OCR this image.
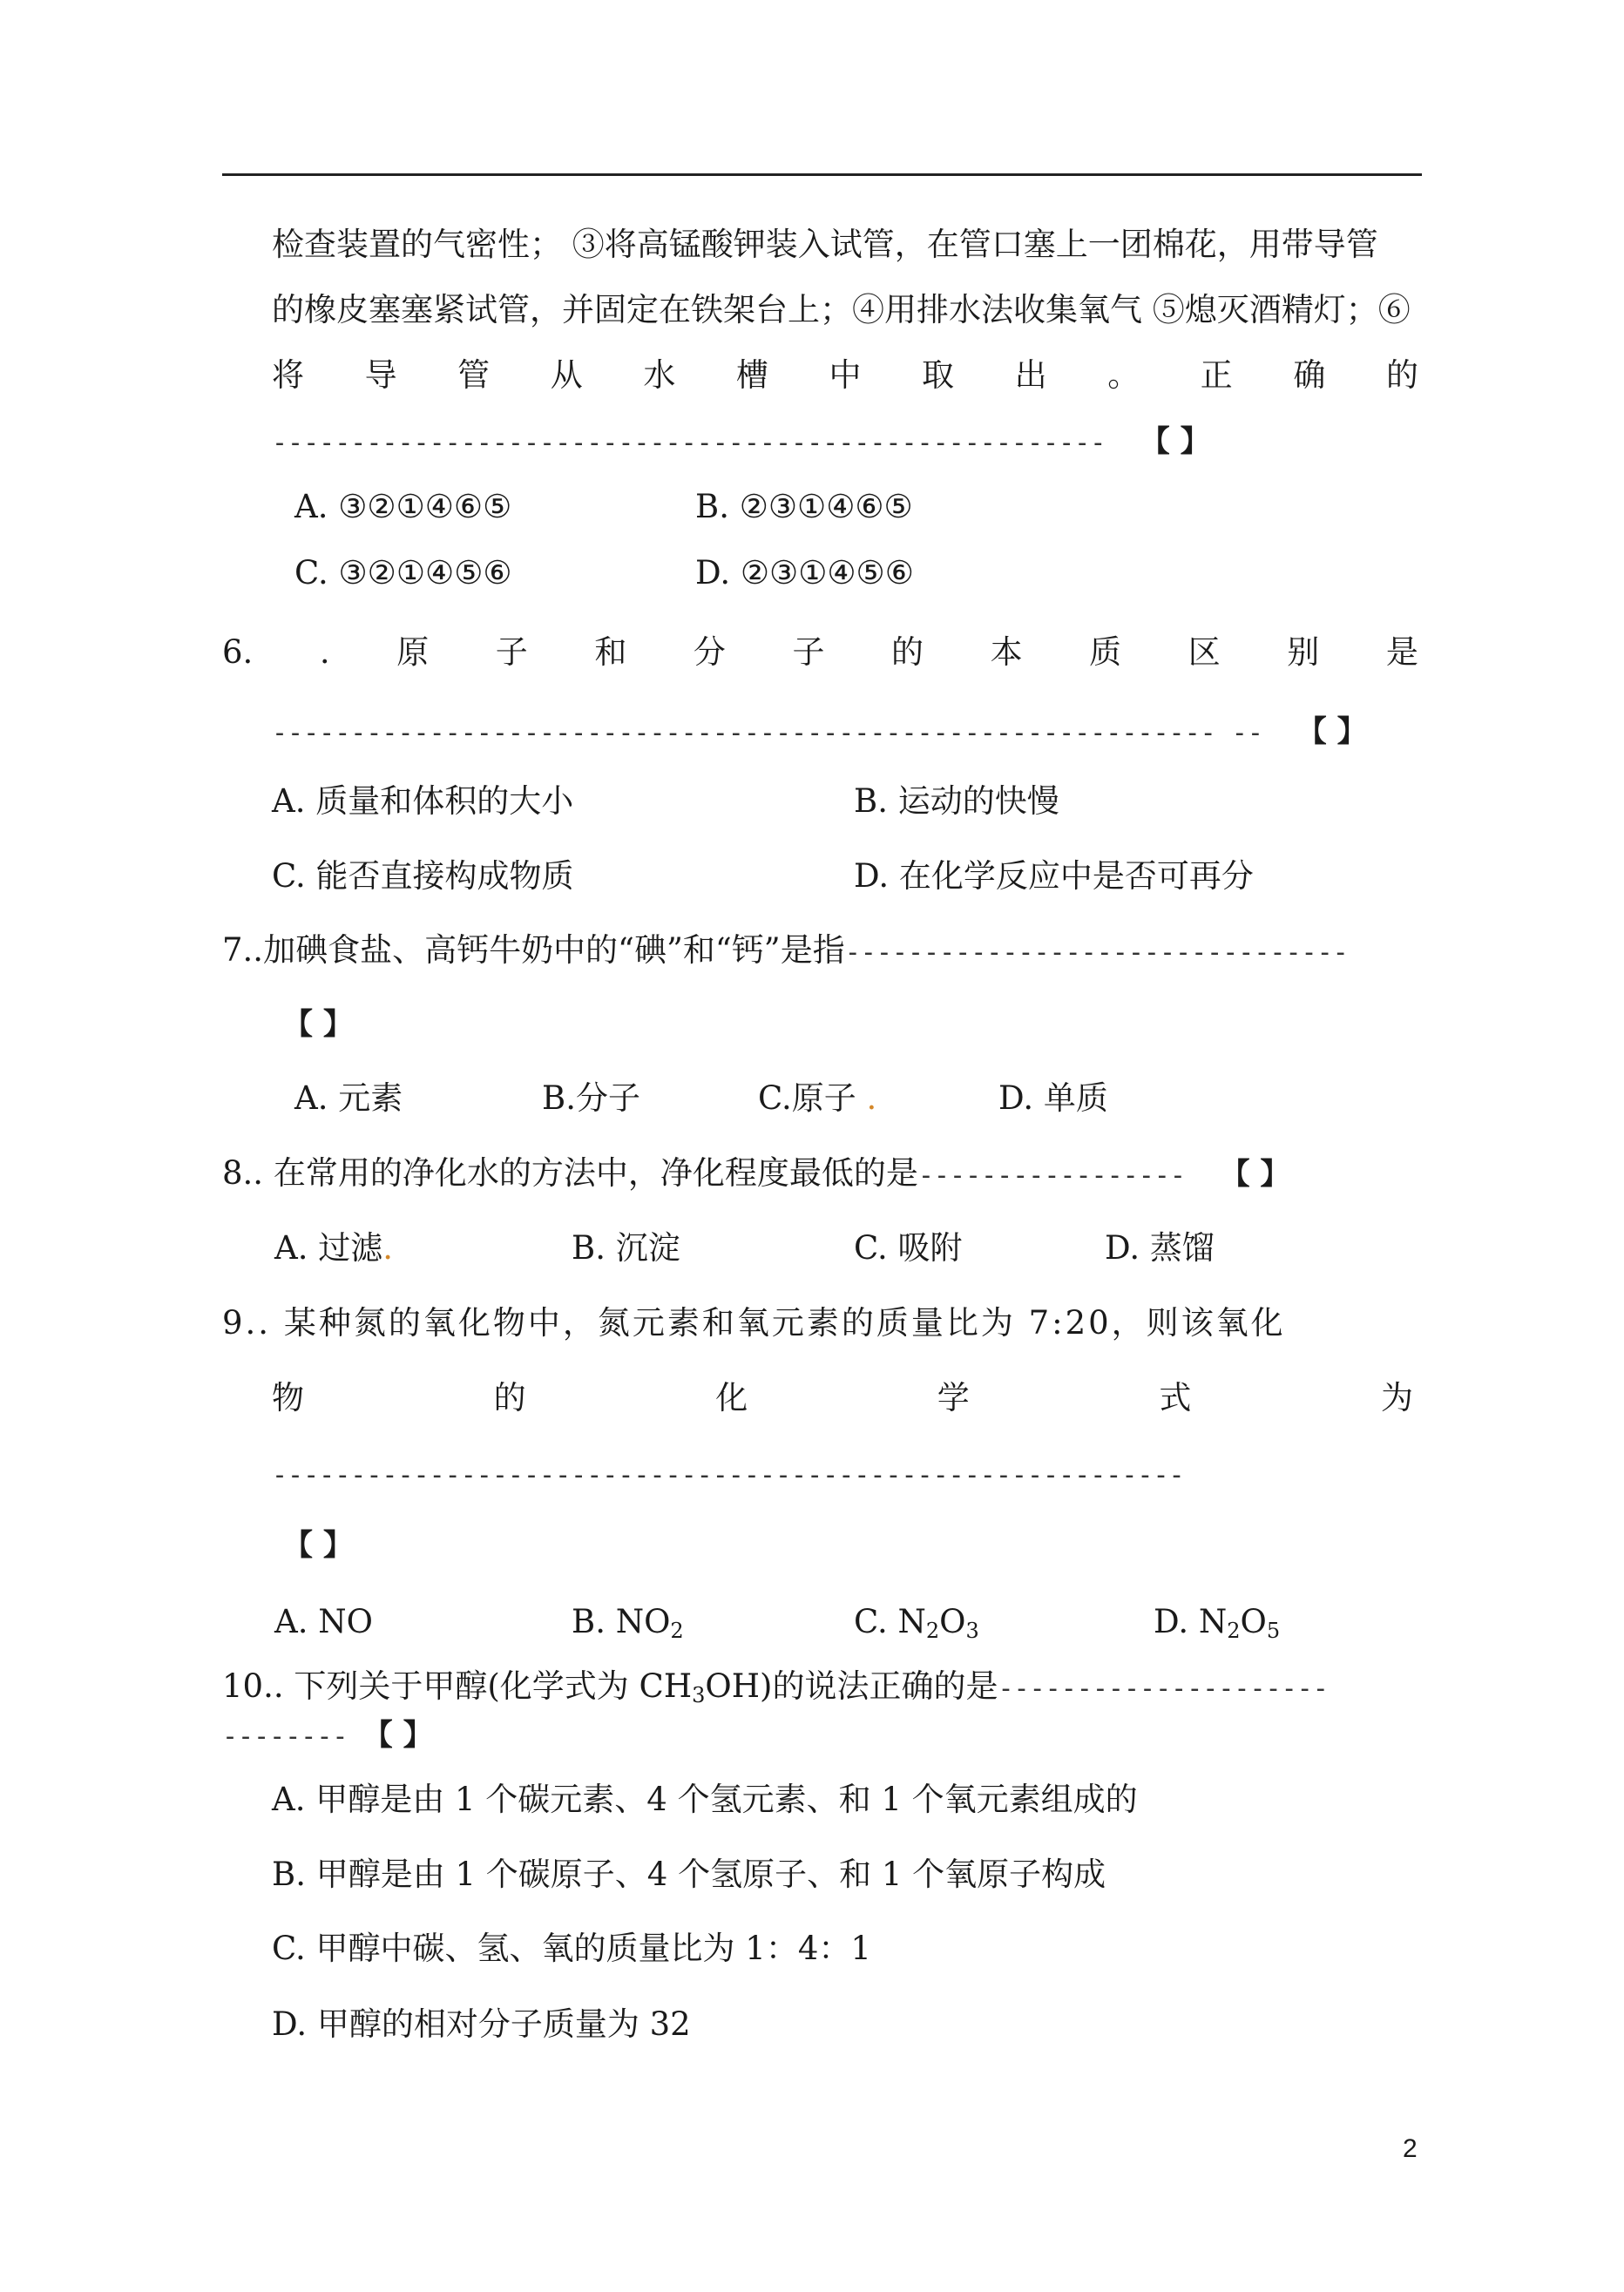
检查装置的气密性； ③将高锰酸钾装入试管，在管口塞上一团棉花，用带导管
的橡皮塞塞紧试管，并固定在铁架台上；④用排水法收集氧气 ⑤熄灭酒精灯；⑥
将 导 管 从 水 槽 中 取 出 。 正 确 的
----------------------------------------------------- 【 】
A. ③②①④⑥⑤	B. ②③①④⑥⑤
C. ③②①④⑤⑥	D. ②③①④⑤⑥
6. . 原 子 和 分 子 的 本 质 区 别 是
------------------------------------------------------------ -- 【 】
A. 质量和体积的大小	B. 运动的快慢
C. 能否直接构成物质	D. 在化学反应中是否可再分
7..加碘食盐、高钙牛奶中的“碘”和“钙”是指--------------------------------
【 】
A. 元素	B.分子	C.原子 .	D. 单质
8.. 在常用的净化水的方法中，净化程度最低的是----------------- 【 】
A. 过滤.	B. 沉淀	C. 吸附	D. 蒸馏
9.. 某种氮的氧化物中，氮元素和氧元素的质量比为 7:20，则该氧化
物	的	化	学	式	为
----------------------------------------------------------
【 】
A. NO	B. $NO_2$	C. $N_2O_3$	D. $N_2O_5$
10.. 下列关于甲醇(化学式为 $CH_3OH$)的说法正确的是---------------------
-------- 【 】
A. 甲醇是由 1 个碳元素、4 个氢元素、和 1 个氧元素组成的
B. 甲醇是由 1 个碳原子、4 个氢原子、和 1 个氧原子构成
C. 甲醇中碳、氢、氧的质量比为 1：4：1
D. 甲醇的相对分子质量为 32
2
